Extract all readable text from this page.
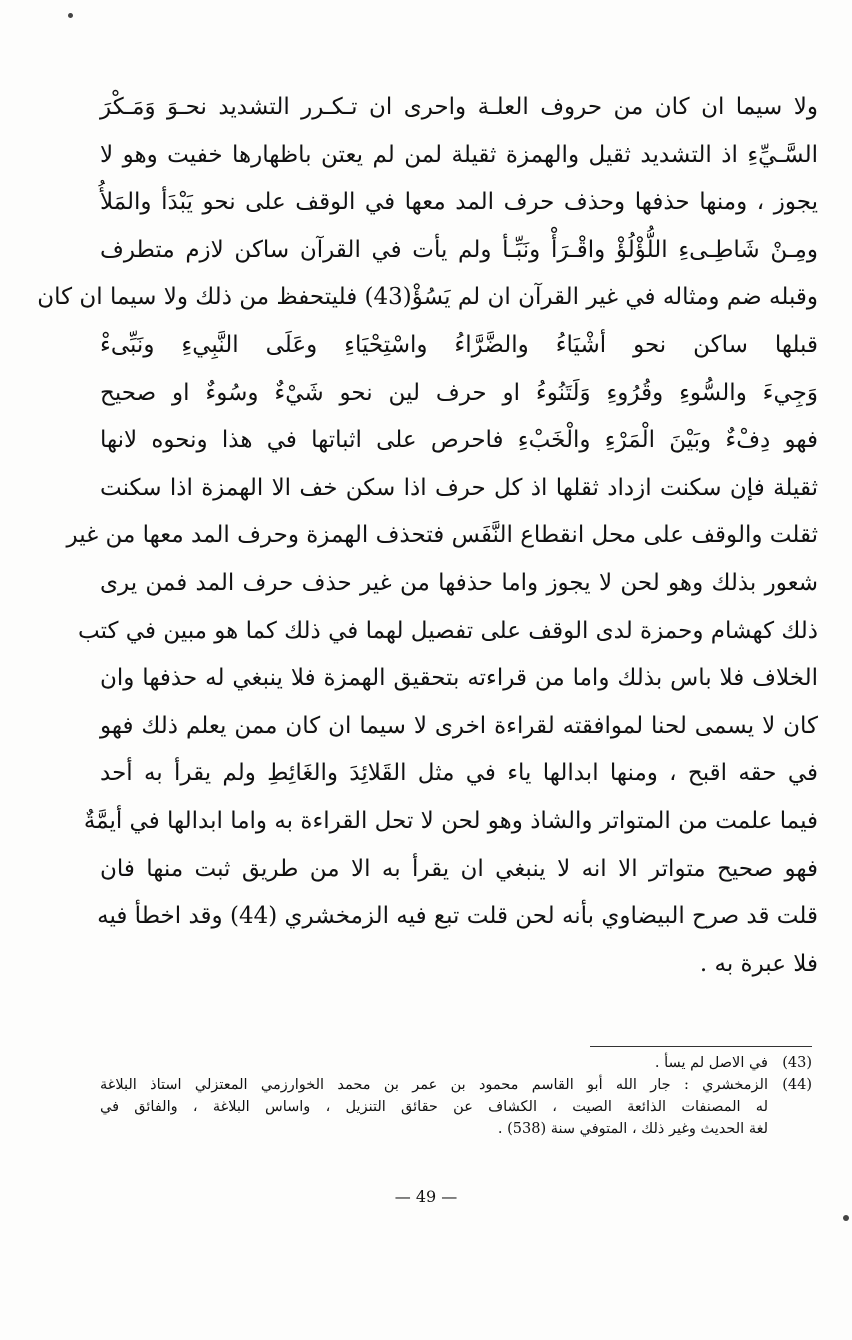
ولا سيما ان كان من حروف العلـة واحرى ان تـكـرر التشديد نحـوَ وَمَـكْرَ
السَّـيِّءِ اذ التشديد ثقيل والهمزة ثقيلة لمن لم يعتن باظهارها خفيت وهو لا
يجوز ، ومنها حذفها وحذف حرف المد معها في الوقف على نحو يَبْدَأ والمَلأُ
ومِـنْ شَاطِـىءِ اللُّؤْلُؤْ واقْـرَأْ ونَبِّـأ ولم يأت في القرآن ساكن لازم متطرف
وقبله ضم ومثاله في غير القرآن ان لم يَسُؤْ(43) فليتحفظ من ذلك ولا سيما ان كان
قبلها ساكن نحو أشْيَاءُ والضَّرَّاءُ واسْتِحْيَاءِ وعَلَى النَّبِيءِ ونَبِّىءْ
وَجِيءَ والسُّوءِ وقُرُوءِ وَلَتَنُوءُ او حرف لين نحو شَيْءٌ وسُوءٌ او صحيح
فهو دِفْءٌ وبَيْنَ الْمَرْءِ والْخَبْءِ فاحرص على اثباتها في هذا ونحوه لانها
ثقيلة فإن سكنت ازداد ثقلها اذ كل حرف اذا سكن خف الا الهمزة اذا سكنت
ثقلت والوقف على محل انقطاع النَّفَس فتحذف الهمزة وحرف المد معها من غير
شعور بذلك وهو لحن لا يجوز واما حذفها من غير حذف حرف المد فمن يرى
ذلك كهشام وحمزة لدى الوقف على تفصيل لهما في ذلك كما هو مبين في كتب
الخلاف فلا باس بذلك واما من قراءته بتحقيق الهمزة فلا ينبغي له حذفها وان
كان لا يسمى لحنا لموافقته لقراءة اخرى لا سيما ان كان ممن يعلم ذلك فهو
في حقه اقبح ، ومنها ابدالها ياء في مثل القَلائِدَ والغَائِطِ ولم يقرأ به أحد
فيما علمت من المتواتر والشاذ وهو لحن لا تحل القراءة به واما ابدالها في أيمَّةٌ
فهو صحيح متواتر الا انه لا ينبغي ان يقرأ به الا من طريق ثبت منها فان
قلت قد صرح البيضاوي بأنه لحن قلت تبع فيه الزمخشري (44) وقد اخطأ فيه
فلا عبرة به .
(43)
في الاصل لم يسأ .
(44)
الزمخشري : جار الله أبو القاسم محمود بن عمر بن محمد الخوارزمي المعتزلي استاذ البلاغة
له المصنفات الذائعة الصيت ، الكشاف عن حقائق التنزيل ، واساس البلاغة ، والفائق في
لغة الحديث وغير ذلك ، المتوفي سنة (538) .
— 49 —
